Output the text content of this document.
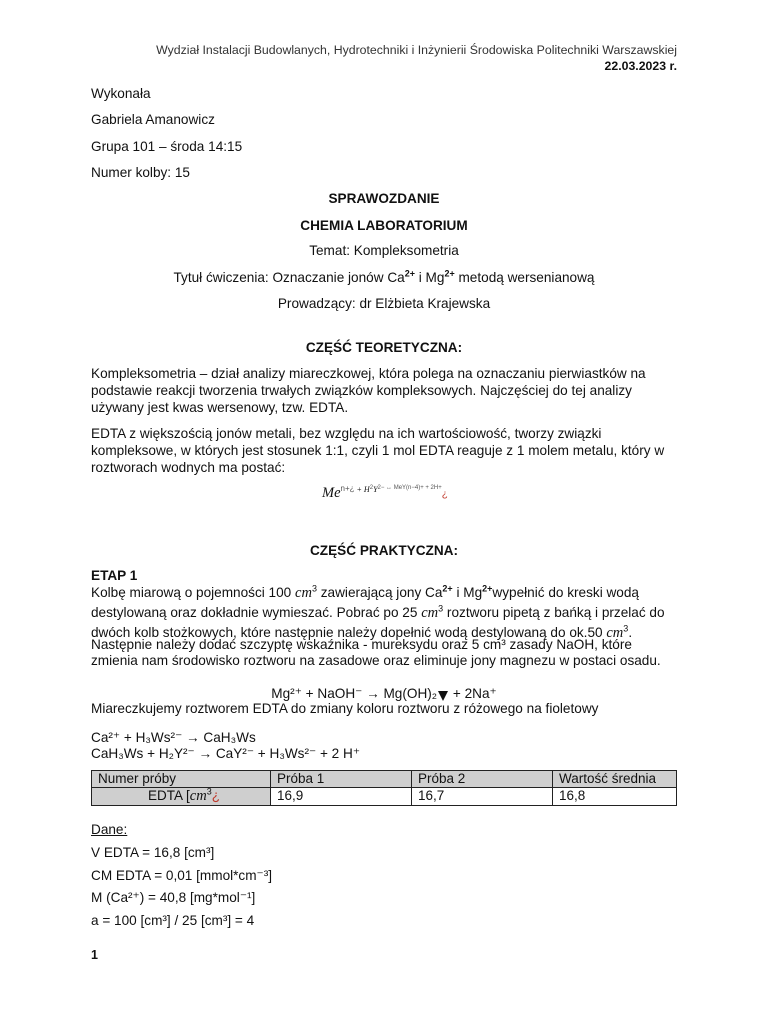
Wydział Instalacji Budowlanych, Hydrotechniki i Inżynierii Środowiska Politechniki Warszawskiej
22.03.2023 r.
Wykonała
Gabriela Amanowicz
Grupa 101 – środa 14:15
Numer kolby: 15
SPRAWOZDANIE
CHEMIA LABORATORIUM
Temat: Kompleksometria
Tytuł ćwiczenia: Oznaczanie jonów $Ca^{2+}$ i $Mg^{2+}$ metodą wersenianową
Prowadzący: dr Elżbieta Krajewska
CZĘŚĆ TEORETYCZNA:
Kompleksometria – dział analizy miareczkowej, która polega na oznaczaniu pierwiastków na podstawie reakcji tworzenia trwałych związków kompleksowych. Najczęściej do tej analizy używany jest kwas wersenowy, tzw. EDTA.
EDTA z większością jonów metali, bez względu na ich wartościowość, tworzy związki kompleksowe, w których jest stosunek 1:1, czyli 1 mol EDTA reaguje z 1 molem metalu, który w roztworach wodnych ma postać:
$Me^{n+¿}$ $^{+ H2Y2- \leftrightarrow MeY(n-4)+ + 2H+}$¿
CZĘŚĆ PRAKTYCZNA:
ETAP 1
Kolbę miarową o pojemności 100 $cm^3$ zawierającą jony $Ca^{2+}$ i $Mg^{2+}wypełnić$ do kreski wodą destylowaną oraz dokładnie wymieszać. Pobrać po 25 $cm^3$ roztworu pipetą z bańką i przelać do dwóch kolb stożkowych, które następnie należy dopełnić wodą destylowaną do ok.50 $cm^3$.
Następnie należy dodać szczyptę wskaźnika - mureksydu oraz 5 cm³ zasady NaOH, które zmienia nam środowisko roztworu na zasadowe oraz eliminuje jony magnezu w postaci osadu.
Mg²⁺ + NaOH⁻ → Mg(OH)₂ + 2Na⁺
Miareczkujemy roztworem EDTA do zmiany koloru roztworu z różowego na fioletowy
Ca²⁺ + H₃Ws²⁻ → CaH₃Ws
CaH₃Ws + H₂Y²⁻ → CaY²⁻ + H₃Ws²⁻ + 2 H⁺
Numer próby	Próba 1	Próba 2	Wartość średnia
EDTA [$cm^3¿$	16,9	16,7	16,8
Dane:
V EDTA = 16,8 [cm³]
CM EDTA = 0,01 [mmol*cm⁻³]
M (Ca²⁺) = 40,8 [mg*mol⁻¹]
a = 100 [cm³] / 25 [cm³] = 4
1
